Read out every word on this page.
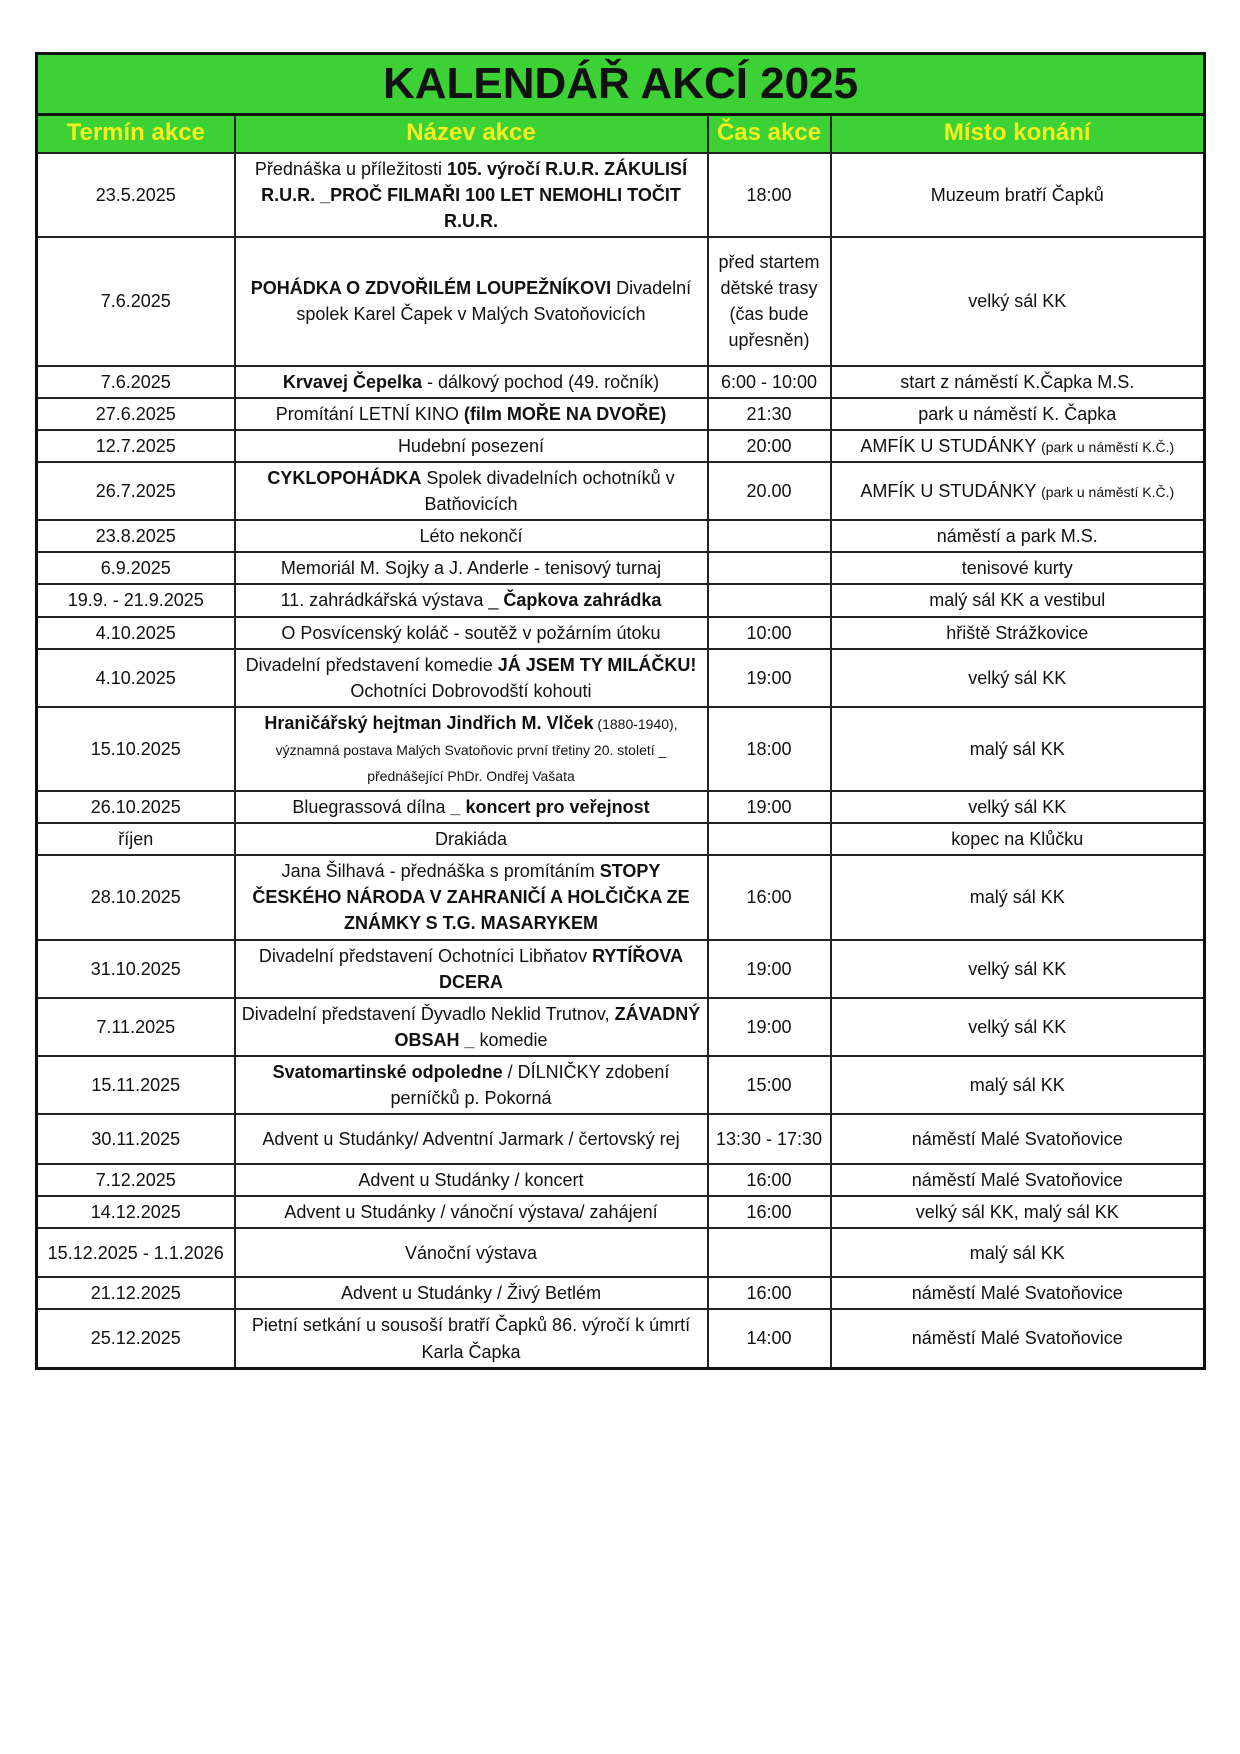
KALENDÁŘ AKCÍ 2025			
Termín akce	Název akce	Čas akce	Místo konání
23.5.2025	Přednáška u příležitosti 105. výročí R.U.R. ZÁKULISÍ R.U.R. _PROČ FILMAŘI 100 LET NEMOHLI TOČIT R.U.R.	18:00	Muzeum bratří Čapků
7.6.2025	POHÁDKA O ZDVOŘILÉM LOUPEŽNÍKOVI Divadelní spolek Karel Čapek v Malých Svatoňovicích	před startem dětské trasy (čas bude upřesněn)	velký sál KK
7.6.2025	Krvavej Čepelka - dálkový pochod (49. ročník)	6:00 - 10:00	start z náměstí K.Čapka M.S.
27.6.2025	Promítání LETNÍ KINO (film MOŘE NA DVOŘE)	21:30	park u náměstí K. Čapka
12.7.2025	Hudební posezení	20:00	AMFÍK U STUDÁNKY (park u náměstí K.Č.)
26.7.2025	CYKLOPOHÁDKA Spolek divadelních ochotníků v Batňovicích	20.00	AMFÍK U STUDÁNKY (park u náměstí K.Č.)
23.8.2025	Léto nekončí		náměstí a park M.S.
6.9.2025	Memoriál M. Sojky a J. Anderle - tenisový turnaj		tenisové kurty
19.9. - 21.9.2025	11. zahrádkářská výstava _ Čapkova zahrádka		malý sál KK a vestibul
4.10.2025	O Posvícenský koláč - soutěž v požárním útoku	10:00	hřiště Strážkovice
4.10.2025	Divadelní představení komedie JÁ JSEM TY MILÁČKU! Ochotníci Dobrovodští kohouti	19:00	velký sál KK
15.10.2025	Hraničářský hejtman Jindřich M. Vlček (1880-1940), významná postava Malých Svatoňovic první třetiny 20. století _ přednášející PhDr. Ondřej Vašata	18:00	malý sál KK
26.10.2025	Bluegrassová dílna _ koncert pro veřejnost	19:00	velký sál KK
říjen	Drakiáda		kopec na Klůčku
28.10.2025	Jana Šilhavá - přednáška s promítáním STOPY ČESKÉHO NÁRODA V ZAHRANIČÍ A HOLČIČKA ZE ZNÁMKY S T.G. MASARYKEM	16:00	malý sál KK
31.10.2025	Divadelní představení Ochotníci Libňatov RYTÍŘOVA DCERA	19:00	velký sál KK
7.11.2025	Divadelní představení Ďyvadlo Neklid Trutnov, ZÁVADNÝ OBSAH _ komedie	19:00	velký sál KK
15.11.2025	Svatomartinské odpoledne / DÍLNIČKY zdobení perníčků p. Pokorná	15:00	malý sál KK
30.11.2025	Advent u Studánky/ Adventní Jarmark / čertovský rej	13:30 - 17:30	náměstí Malé Svatoňovice
7.12.2025	Advent u Studánky / koncert	16:00	náměstí Malé Svatoňovice
14.12.2025	Advent u Studánky / vánoční výstava/ zahájení	16:00	velký sál KK, malý sál KK
15.12.2025 - 1.1.2026	Vánoční výstava		malý sál KK
21.12.2025	Advent u Studánky / Živý Betlém	16:00	náměstí Malé Svatoňovice
25.12.2025	Pietní setkání u sousoší bratří Čapků 86. výročí k úmrtí Karla Čapka	14:00	náměstí Malé Svatoňovice
